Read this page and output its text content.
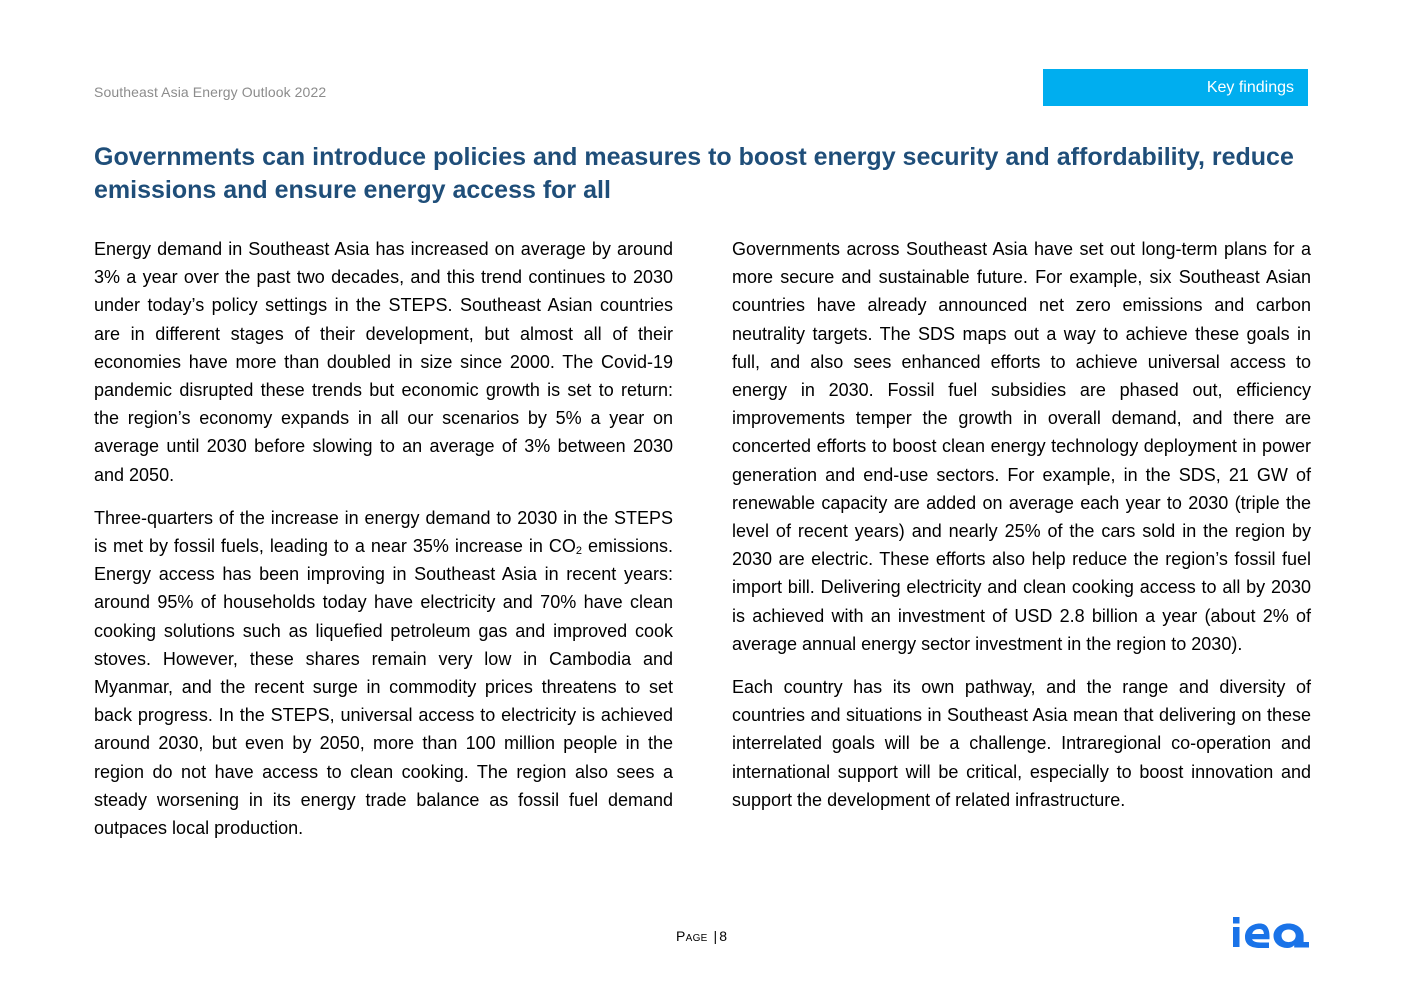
Southeast Asia Energy Outlook 2022	Key findings
Governments can introduce policies and measures to boost energy security and affordability, reduce emissions and ensure energy access for all

Energy demand in Southeast Asia has increased on average by around 3% a year over the past two decades, and this trend continues to 2030 under today’s policy settings in the STEPS. Southeast Asian countries are in different stages of their development, but almost all of their economies have more than doubled in size since 2000. The Covid-19 pandemic disrupted these trends but economic growth is set to return: the region’s economy expands in all our scenarios by 5% a year on average until 2030 before slowing to an average of 3% between 2030 and 2050.

Three-quarters of the increase in energy demand to 2030 in the STEPS is met by fossil fuels, leading to a near 35% increase in $CO_2$ emissions. Energy access has been improving in Southeast Asia in recent years: around 95% of households today have electricity and 70% have clean cooking solutions such as liquefied petroleum gas and improved cook stoves. However, these shares remain very low in Cambodia and Myanmar, and the recent surge in commodity prices threatens to set back progress. In the STEPS, universal access to electricity is achieved around 2030, but even by 2050, more than 100 million people in the region do not have access to clean cooking. The region also sees a steady worsening in its energy trade balance as fossil fuel demand outpaces local production.

Governments across Southeast Asia have set out long-term plans for a more secure and sustainable future. For example, six Southeast Asian countries have already announced net zero emissions and carbon neutrality targets. The SDS maps out a way to achieve these goals in full, and also sees enhanced efforts to achieve universal access to energy in 2030. Fossil fuel subsidies are phased out, efficiency improvements temper the growth in overall demand, and there are concerted efforts to boost clean energy technology deployment in power generation and end-use sectors. For example, in the SDS, 21 GW of renewable capacity are added on average each year to 2030 (triple the level of recent years) and nearly 25% of the cars sold in the region by 2030 are electric. These efforts also help reduce the region’s fossil fuel import bill. Delivering electricity and clean cooking access to all by 2030 is achieved with an investment of USD 2.8 billion a year (about 2% of average annual energy sector investment in the region to 2030).

Each country has its own pathway, and the range and diversity of countries and situations in Southeast Asia mean that delivering on these interrelated goals will be a challenge. Intraregional co-operation and international support will be critical, especially to boost innovation and support the development of related infrastructure.

Page | 8
